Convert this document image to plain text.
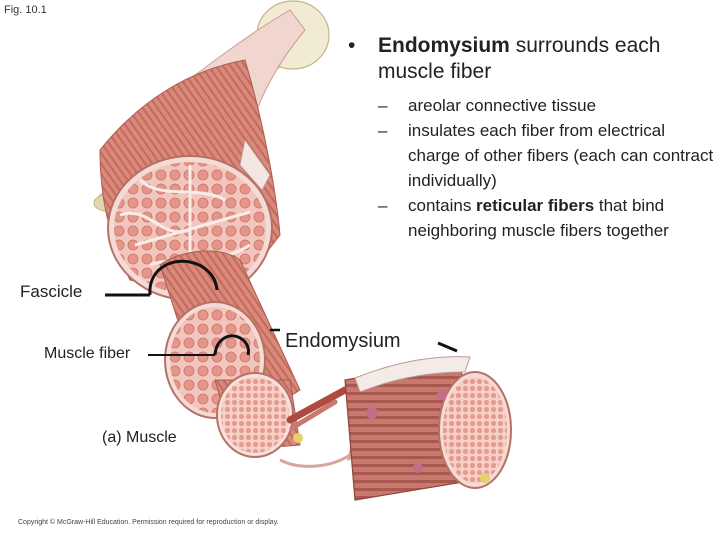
Fig. 10.1
• Endomysium surrounds each muscle fiber
– areolar connective tissue
– insulates each fiber from electrical charge of other fibers (each can contract individually)
– contains reticular fibers that bind neighboring muscle fibers together
Fascicle
Muscle fiber
Endomysium
(a) Muscle
Copyright © McGraw-Hill Education. Permission required for reproduction or display.
